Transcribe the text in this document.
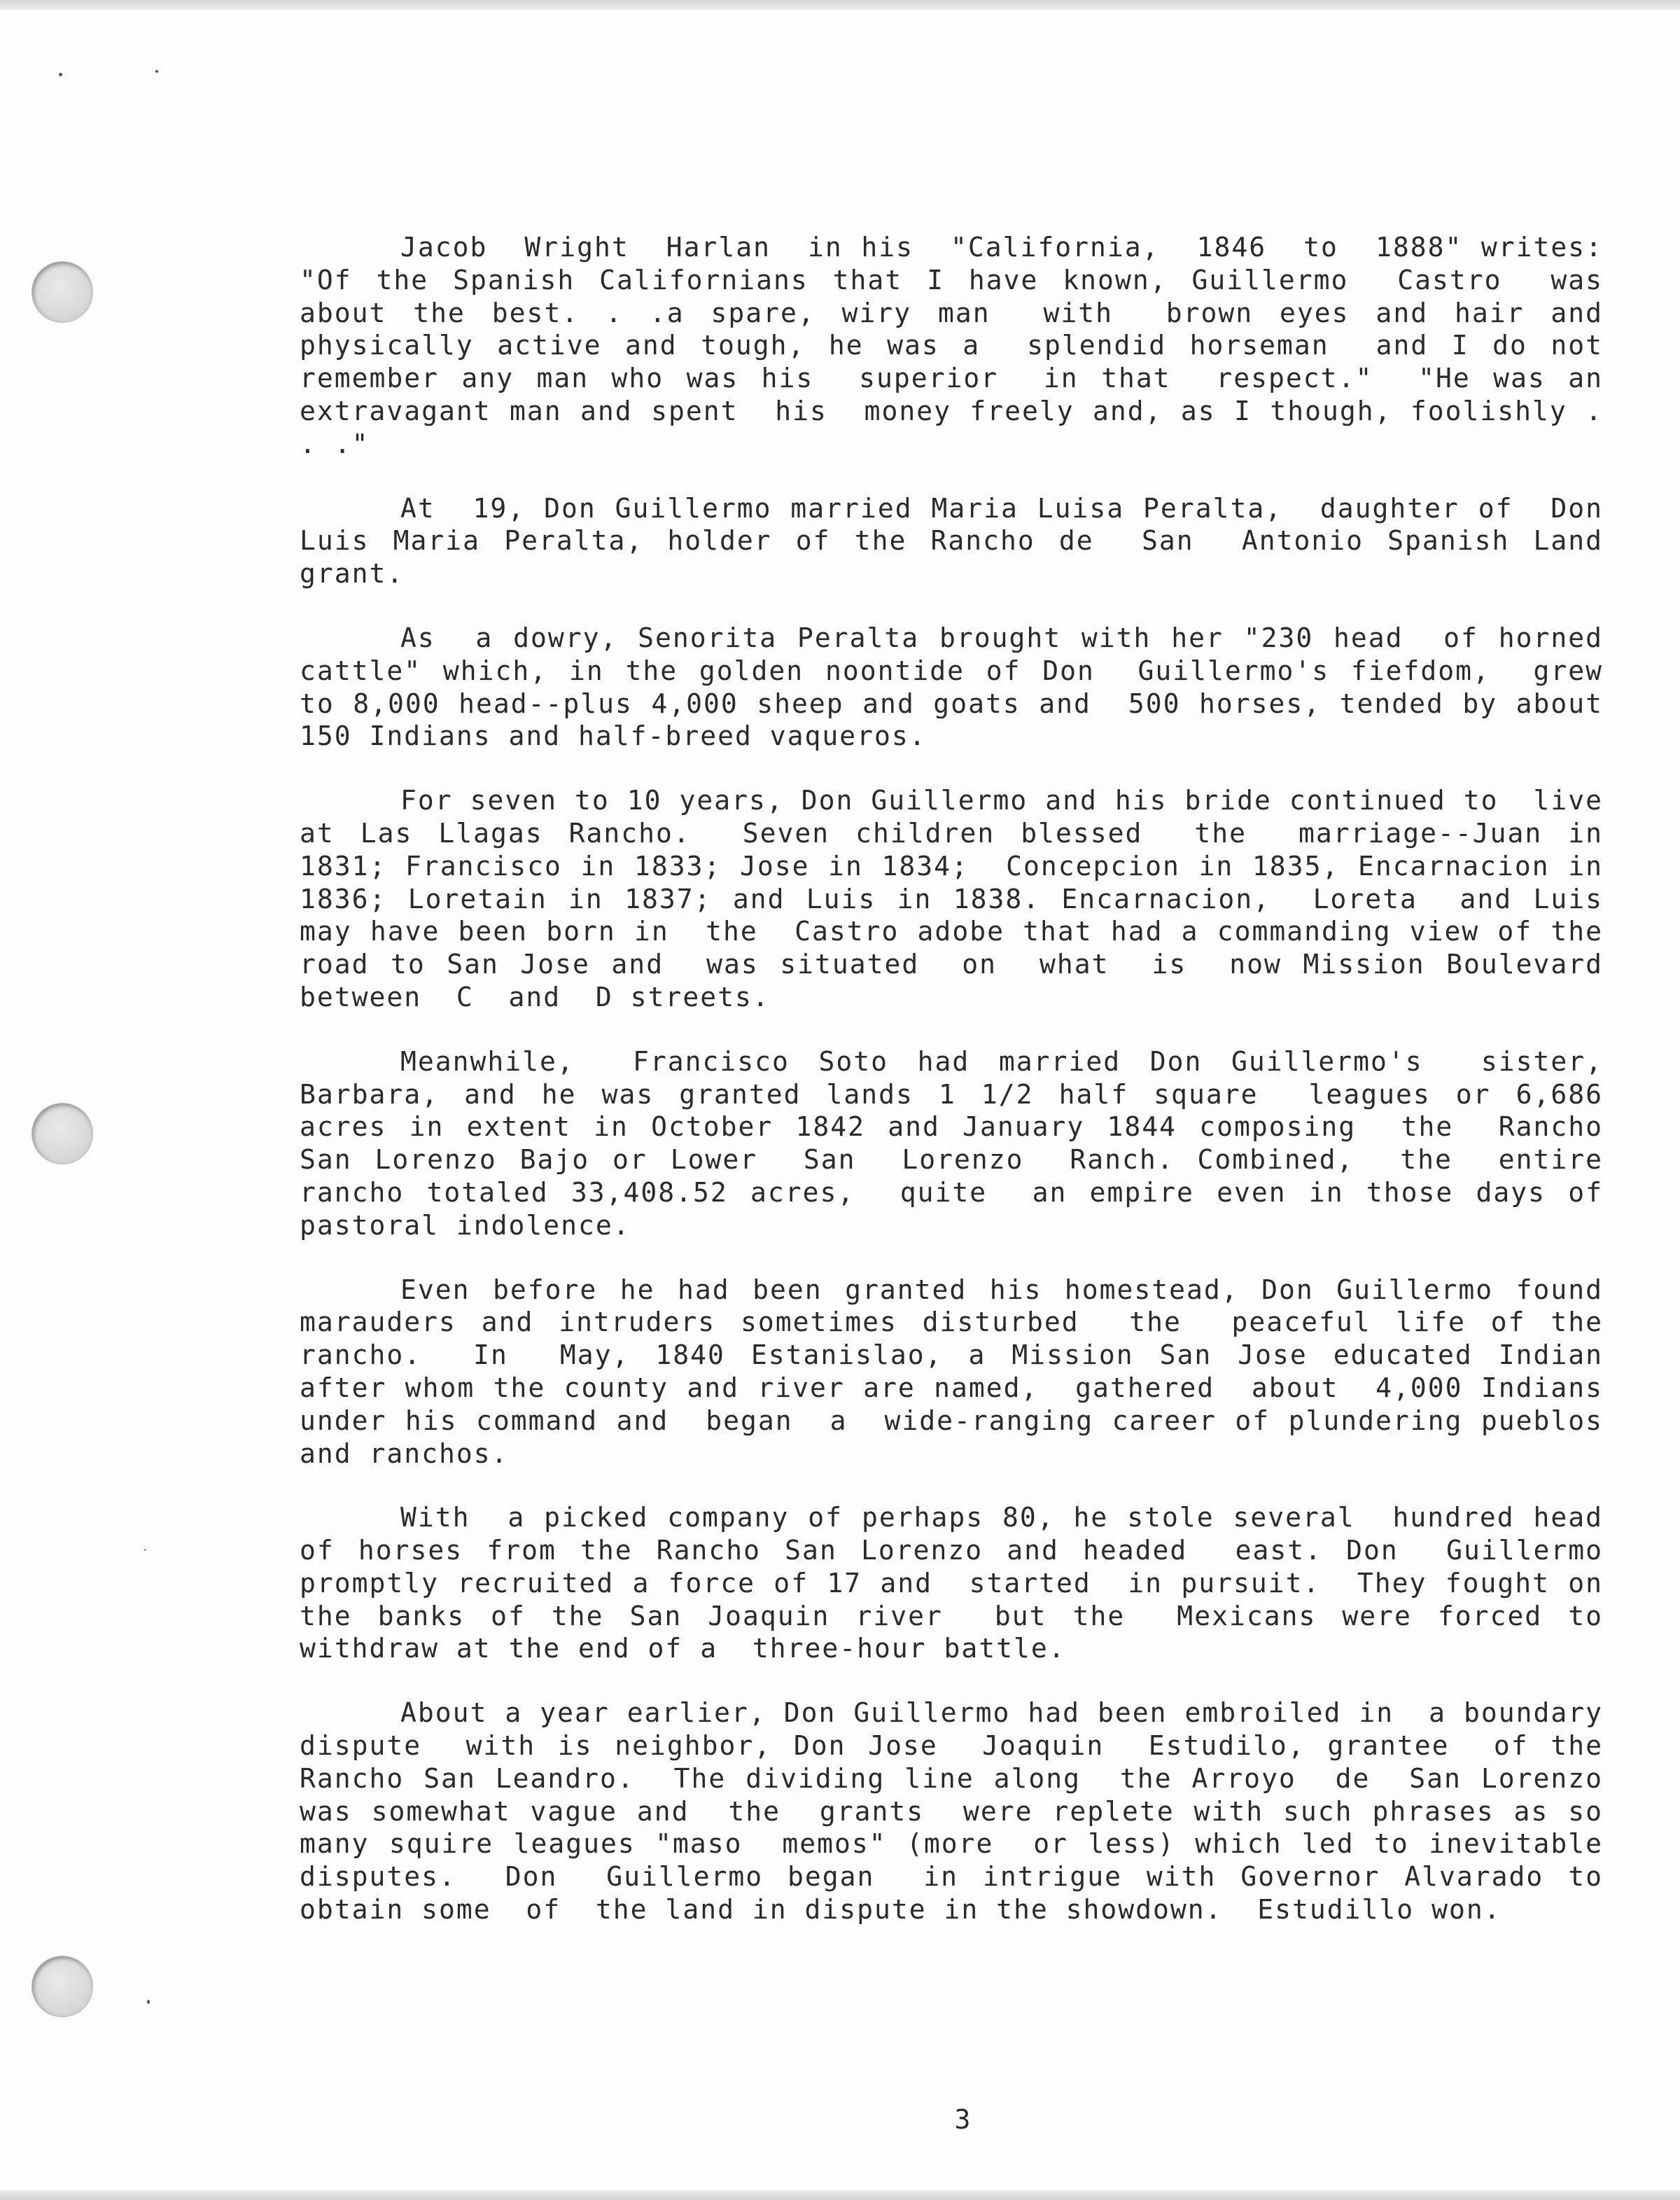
Jacob  Wright  Harlan  in his  "California,  1846  to  1888" writes:  "Of the Spanish Californians that I have known, Guillermo  Castro  was about the best. . .a spare, wiry man  with  brown eyes and hair and physically active and tough, he was a  splendid horseman  and I do not remember any man who was his  superior  in that  respect."  "He was an extravagant man and spent  his  money freely and, as I though, foolishly . . ."

At  19, Don Guillermo married Maria Luisa Peralta,  daughter of  Don Luis Maria Peralta, holder of the Rancho de  San  Antonio Spanish Land grant.

As  a dowry, Senorita Peralta brought with her "230 head  of horned  cattle" which, in the golden noontide of Don  Guillermo's fiefdom,  grew to 8,000 head--plus 4,000 sheep and goats and  500 horses, tended by about 150 Indians and half-breed vaqueros.

For seven to 10 years, Don Guillermo and his bride continued to  live at Las Llagas Rancho.  Seven children blessed  the  marriage--Juan in 1831; Francisco in 1833; Jose in 1834;  Concepcion in 1835, Encarnacion in 1836; Loretain in 1837; and Luis in 1838. Encarnacion,  Loreta  and Luis may have been born in  the  Castro adobe that had a commanding view of the road to San Jose and  was situated  on  what  is  now Mission Boulevard  between  C  and  D streets.

Meanwhile,  Francisco Soto had married Don Guillermo's  sister, Barbara, and he was granted lands 1 1/2 half square  leagues or 6,686 acres in extent in October 1842 and January 1844 composing  the  Rancho  San Lorenzo Bajo or Lower  San  Lorenzo  Ranch. Combined,  the  entire rancho totaled 33,408.52 acres,  quite  an empire even in those days of pastoral indolence.

Even before he had been granted his homestead, Don Guillermo found  marauders and intruders sometimes disturbed  the  peaceful life of the rancho.  In  May, 1840 Estanislao, a Mission San Jose educated Indian after whom the county and river are named,  gathered  about  4,000 Indians under his command and  began  a  wide-ranging career of plundering pueblos and ranchos.

With  a picked company of perhaps 80, he stole several  hundred head of horses from the Rancho San Lorenzo and headed  east. Don  Guillermo  promptly recruited a force of 17 and  started  in pursuit.  They fought on the banks of the San Joaquin river  but the  Mexicans were forced to withdraw at the end of a  three-hour battle.

About a year earlier, Don Guillermo had been embroiled in  a boundary  dispute  with is neighbor, Don Jose  Joaquin  Estudilo, grantee  of the Rancho San Leandro.  The dividing line along  the Arroyo  de  San Lorenzo was somewhat vague and  the  grants  were replete with such phrases as so many squire leagues "maso  memos" (more  or less) which led to inevitable disputes.  Don  Guillermo began  in intrigue with Governor Alvarado to obtain some  of  the land in dispute in the showdown.  Estudillo won.

3
